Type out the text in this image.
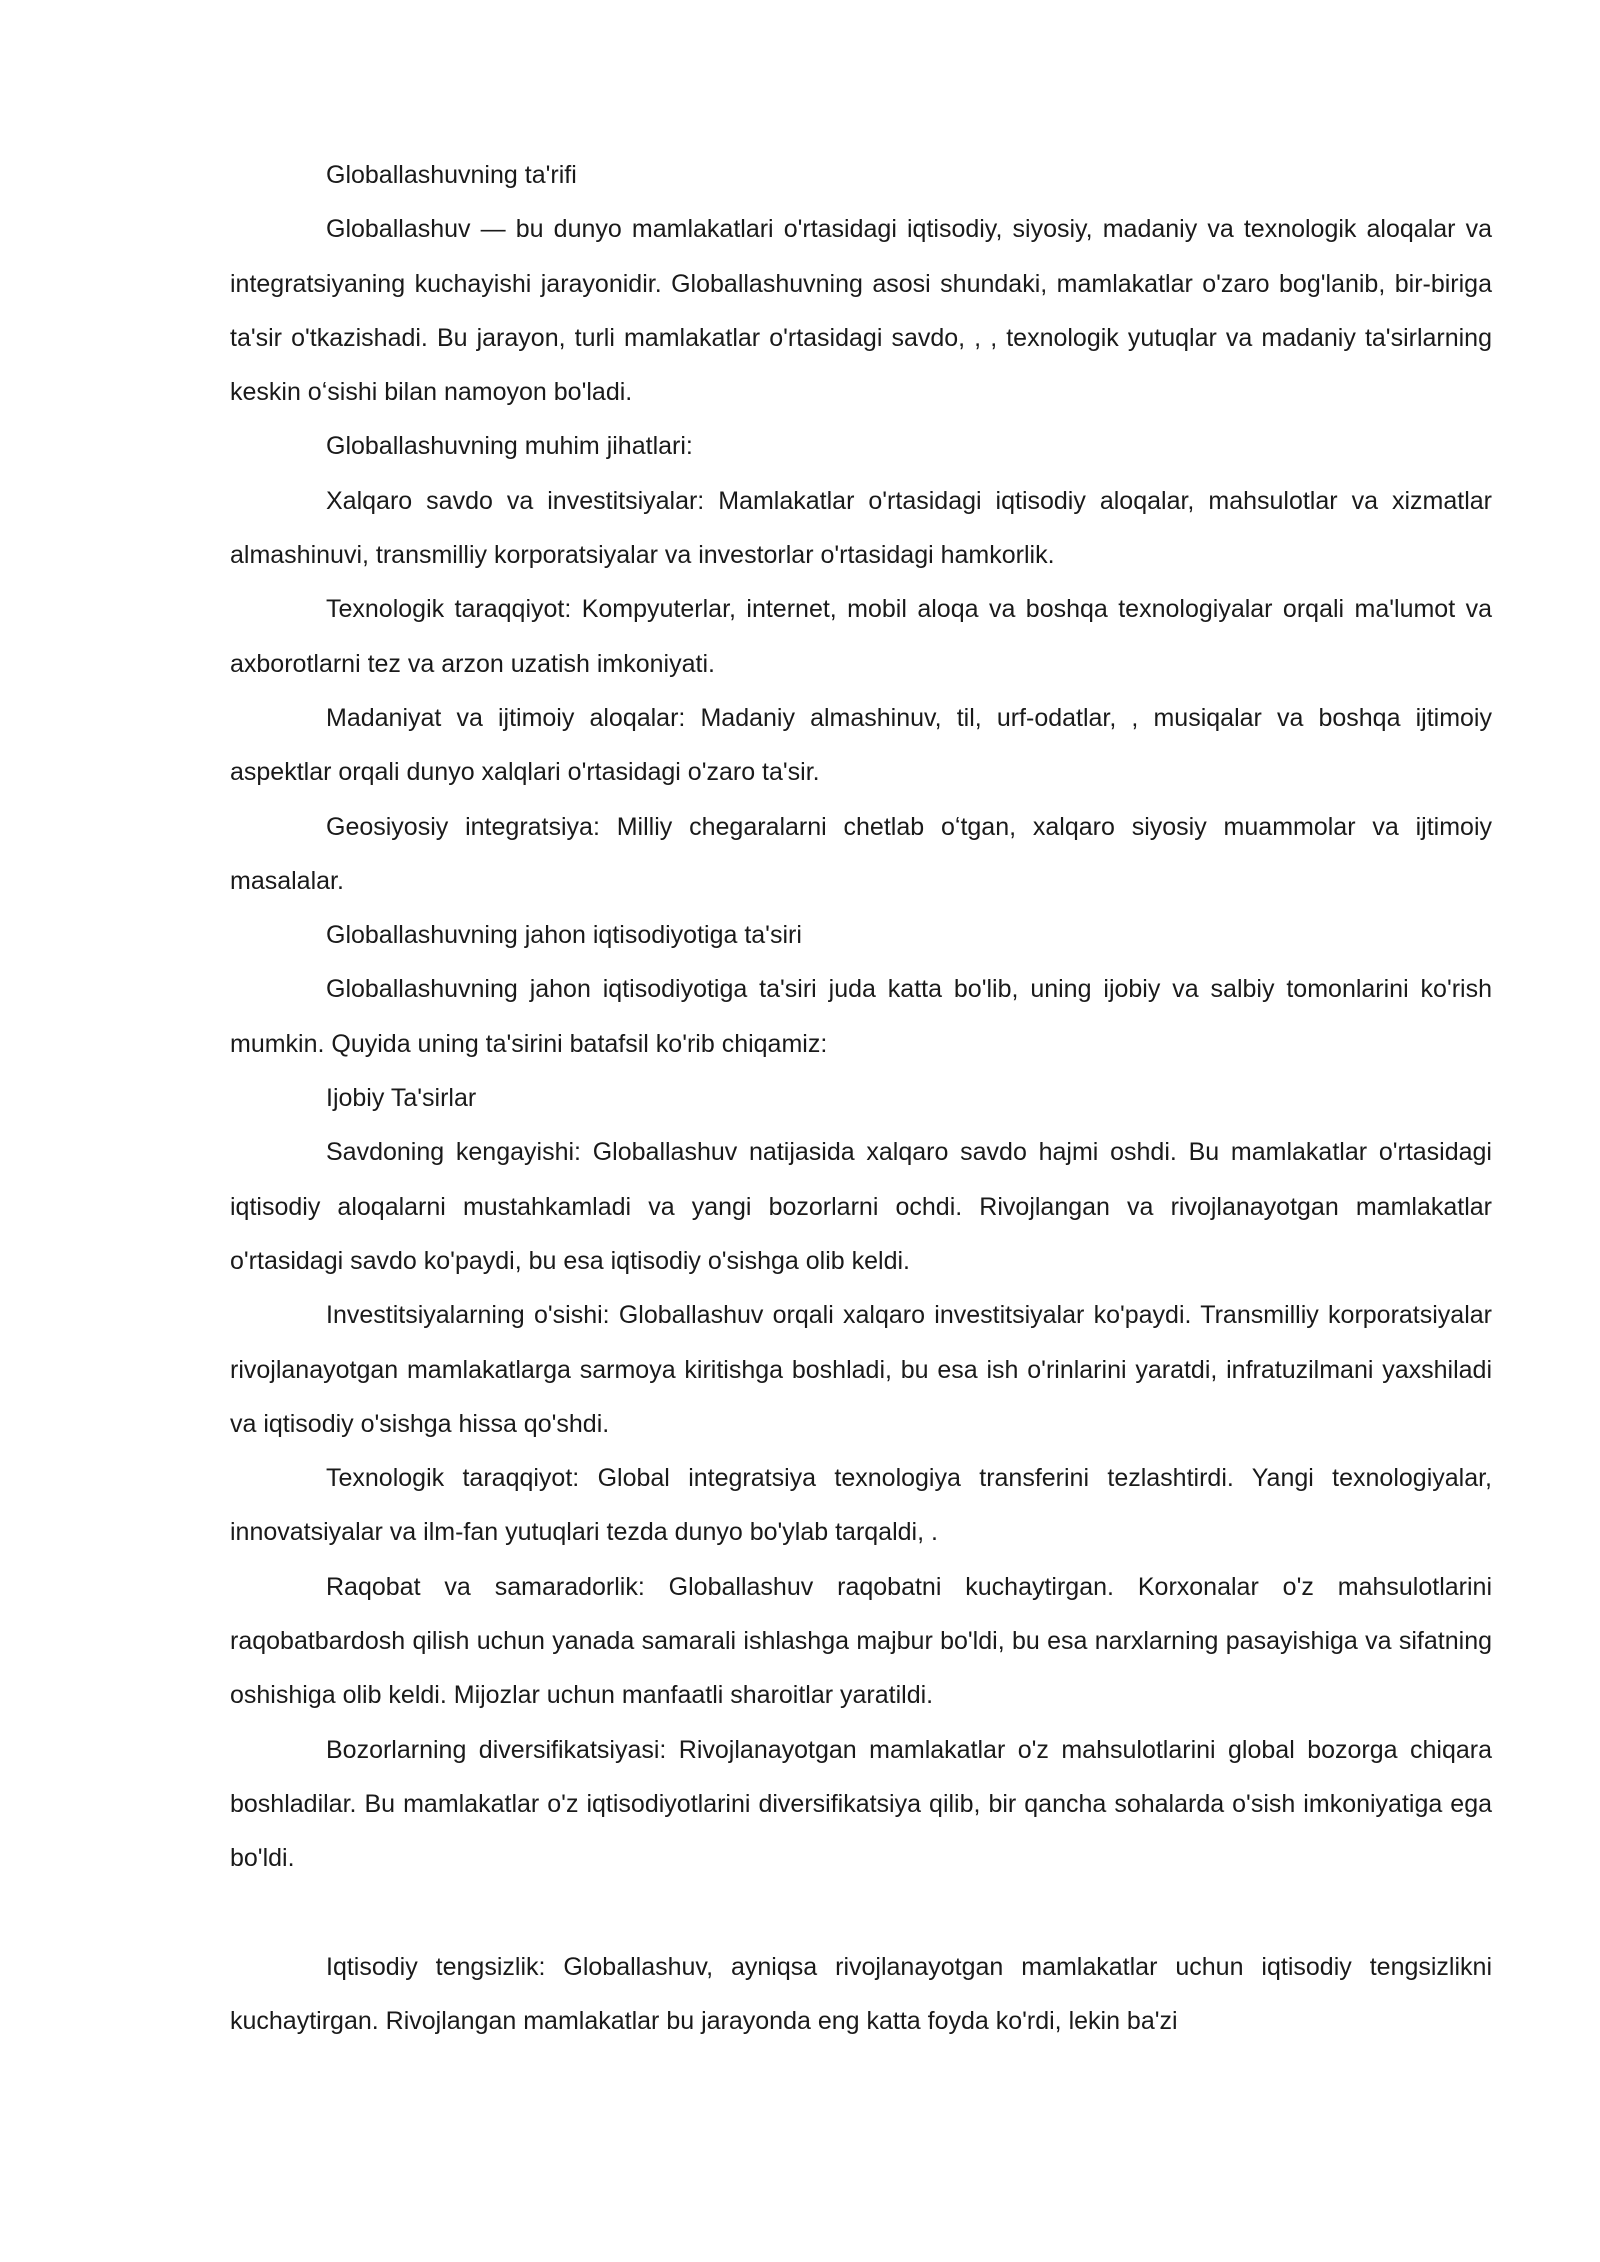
Globallashuvning ta'rifi

Globallashuv — bu dunyo mamlakatlari o'rtasidagi iqtisodiy, siyosiy, madaniy va texnologik aloqalar va integratsiyaning kuchayishi jarayonidir. Globallashuvning asosi shundaki, mamlakatlar o'zaro bog'lanib, bir-biriga ta'sir o'tkazishadi. Bu jarayon, turli mamlakatlar o'rtasidagi savdo, , , texnologik yutuqlar va madaniy ta'sirlarning keskin oʻsishi bilan namoyon bo'ladi.

Globallashuvning muhim jihatlari:

Xalqaro savdo va investitsiyalar: Mamlakatlar o'rtasidagi iqtisodiy aloqalar, mahsulotlar va xizmatlar almashinuvi, transmilliy korporatsiyalar va investorlar o'rtasidagi hamkorlik.

Texnologik taraqqiyot: Kompyuterlar, internet, mobil aloqa va boshqa texnologiyalar orqali ma'lumot va axborotlarni tez va arzon uzatish imkoniyati.

Madaniyat va ijtimoiy aloqalar: Madaniy almashinuv, til, urf-odatlar, , musiqalar va boshqa ijtimoiy aspektlar orqali dunyo xalqlari o'rtasidagi o'zaro ta'sir.

Geosiyosiy integratsiya: Milliy chegaralarni chetlab oʻtgan, xalqaro siyosiy muammolar va ijtimoiy masalalar.

Globallashuvning jahon iqtisodiyotiga ta'siri

Globallashuvning jahon iqtisodiyotiga ta'siri juda katta bo'lib, uning ijobiy va salbiy tomonlarini ko'rish mumkin. Quyida uning ta'sirini batafsil ko'rib chiqamiz:

Ijobiy Ta'sirlar

Savdoning kengayishi: Globallashuv natijasida xalqaro savdo hajmi oshdi. Bu mamlakatlar o'rtasidagi iqtisodiy aloqalarni mustahkamladi va yangi bozorlarni ochdi. Rivojlangan va rivojlanayotgan mamlakatlar o'rtasidagi savdo ko'paydi, bu esa iqtisodiy o'sishga olib keldi.

Investitsiyalarning o'sishi: Globallashuv orqali xalqaro investitsiyalar ko'paydi. Transmilliy korporatsiyalar rivojlanayotgan mamlakatlarga sarmoya kiritishga boshladi, bu esa ish o'rinlarini yaratdi, infratuzilmani yaxshiladi va iqtisodiy o'sishga hissa qo'shdi.

Texnologik taraqqiyot: Global integratsiya texnologiya transferini tezlashtirdi. Yangi texnologiyalar, innovatsiyalar va ilm-fan yutuqlari tezda dunyo bo'ylab tarqaldi, .

Raqobat va samaradorlik: Globallashuv raqobatni kuchaytirgan. Korxonalar o'z mahsulotlarini raqobatbardosh qilish uchun yanada samarali ishlashga majbur bo'ldi, bu esa narxlarning pasayishiga va sifatning oshishiga olib keldi. Mijozlar uchun manfaatli sharoitlar yaratildi.

Bozorlarning diversifikatsiyasi: Rivojlanayotgan mamlakatlar o'z mahsulotlarini global bozorga chiqara boshladilar. Bu mamlakatlar o'z iqtisodiyotlarini diversifikatsiya qilib, bir qancha sohalarda o'sish imkoniyatiga ega bo'ldi.

Iqtisodiy tengsizlik: Globallashuv, ayniqsa rivojlanayotgan mamlakatlar uchun iqtisodiy tengsizlikni kuchaytirgan. Rivojlangan mamlakatlar bu jarayonda eng katta foyda ko'rdi, lekin ba'zi
